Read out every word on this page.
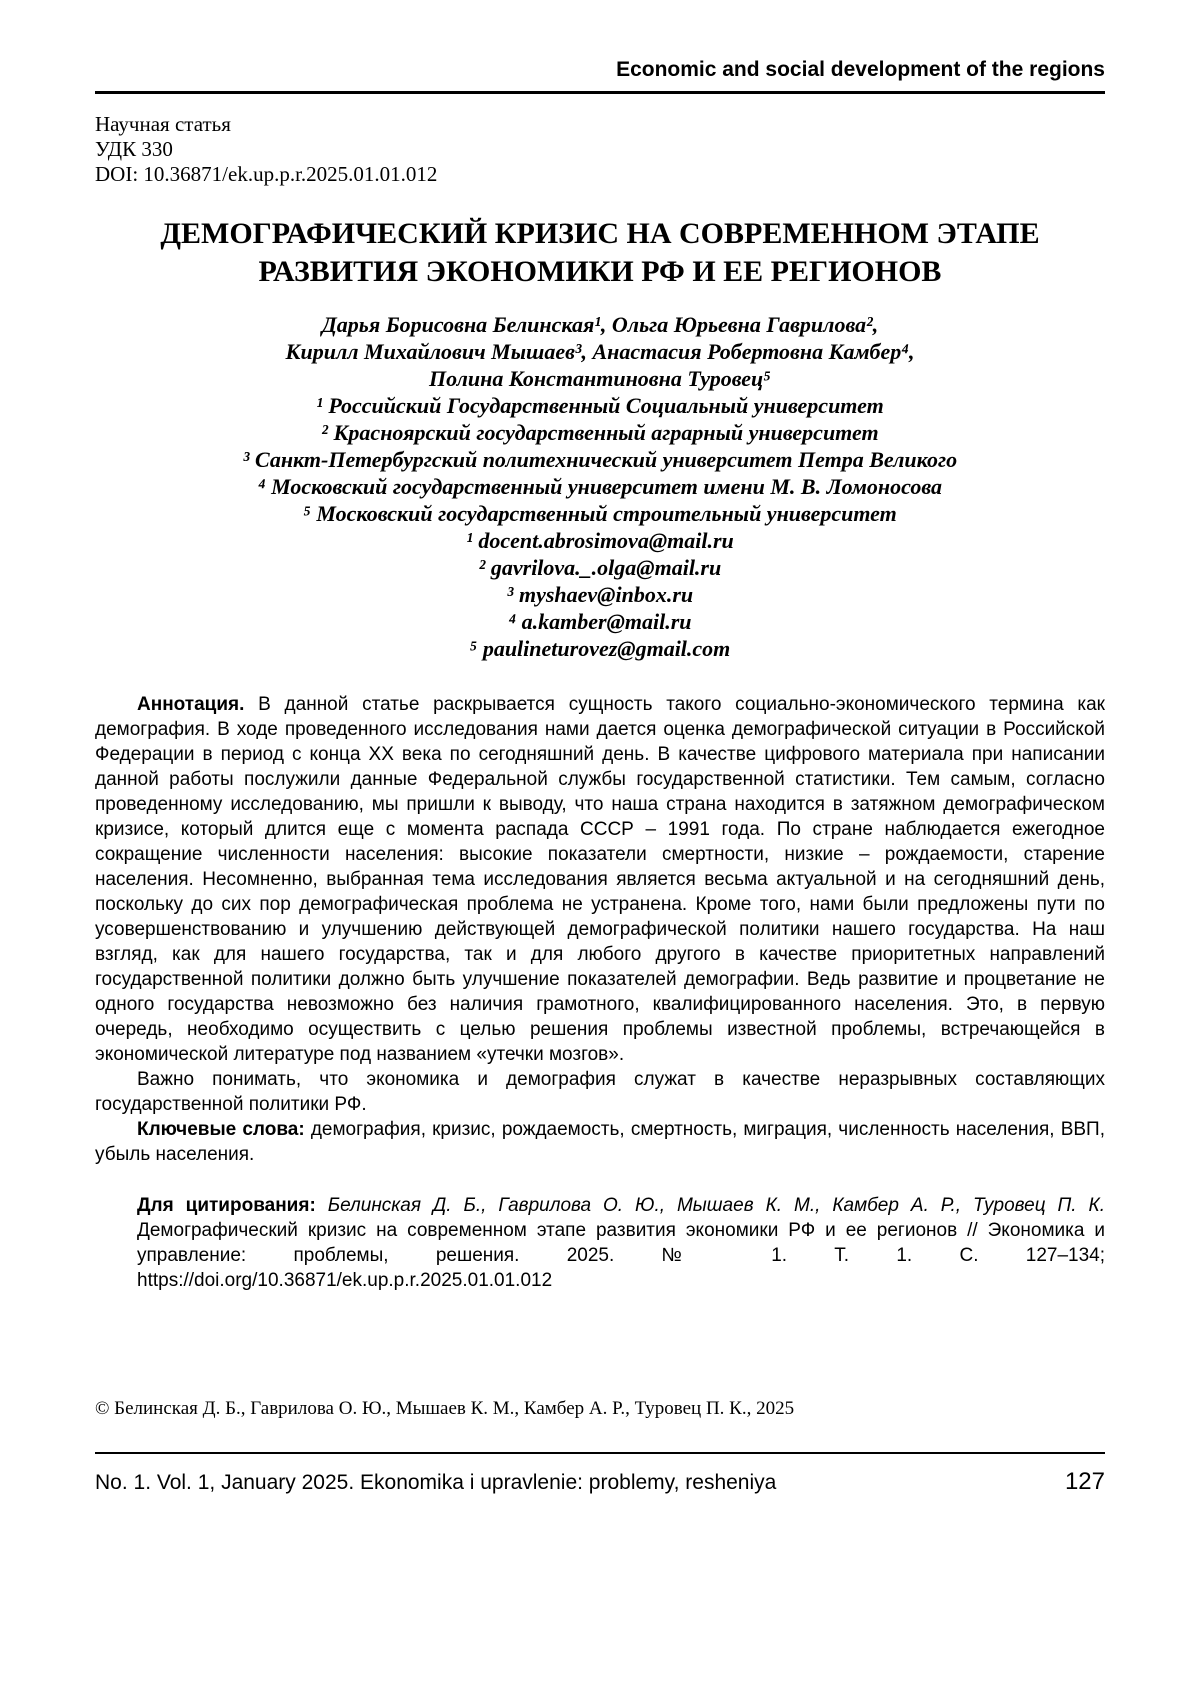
Economic and social development of the regions
Научная статья
УДК 330
DOI: 10.36871/ek.up.p.r.2025.01.01.012
ДЕМОГРАФИЧЕСКИЙ КРИЗИС НА СОВРЕМЕННОМ ЭТАПЕ РАЗВИТИЯ ЭКОНОМИКИ РФ И ЕЕ РЕГИОНОВ
Дарья Борисовна Белинская¹, Ольга Юрьевна Гаврилова²,
Кирилл Михайлович Мышаев³, Анастасия Робертовна Камбер⁴,
Полина Константиновна Туровец⁵
¹ Российский Государственный Социальный университет
² Красноярский государственный аграрный университет
³ Санкт-Петербургский политехнический университет Петра Великого
⁴ Московский государственный университет имени М. В. Ломоносова
⁵ Московский государственный строительный университет
¹ docent.abrosimova@mail.ru
² gavrilova._.olga@mail.ru
³ myshaev@inbox.ru
⁴ a.kamber@mail.ru
⁵ paulineturovez@gmail.com

Аннотация. В данной статье раскрывается сущность такого социально-экономического термина как демография. В ходе проведенного исследования нами дается оценка демографической ситуации в Российской Федерации в период с конца XX века по сегодняшний день. В качестве цифрового материала при написании данной работы послужили данные Федеральной службы государственной статистики. Тем самым, согласно проведенному исследованию, мы пришли к выводу, что наша страна находится в затяжном демографическом кризисе, который длится еще с момента распада СССР – 1991 года. По стране наблюдается ежегодное сокращение численности населения: высокие показатели смертности, низкие – рождаемости, старение населения. Несомненно, выбранная тема исследования является весьма актуальной и на сегодняшний день, поскольку до сих пор демографическая проблема не устранена. Кроме того, нами были предложены пути по усовершенствованию и улучшению действующей демографической политики нашего государства. На наш взгляд, как для нашего государства, так и для любого другого в качестве приоритетных направлений государственной политики должно быть улучшение показателей демографии. Ведь развитие и процветание не одного государства невозможно без наличия грамотного, квалифицированного населения. Это, в первую очередь, необходимо осуществить с целью решения проблемы известной проблемы, встречающейся в экономической литературе под названием «утечки мозгов».

Важно понимать, что экономика и демография служат в качестве неразрывных составляющих государственной политики РФ.

Ключевые слова: демография, кризис, рождаемость, смертность, миграция, численность населения, ВВП, убыль населения.

Для цитирования: Белинская Д. Б., Гаврилова О. Ю., Мышаев К. М., Камбер А. Р., Туровец П. К. Демографический кризис на современном этапе развития экономики РФ и ее регионов // Экономика и управление: проблемы, решения. 2025. № 1. Т. 1. С. 127–134; https://doi.org/10.36871/ek.up.p.r.2025.01.01.012
© Белинская Д. Б., Гаврилова О. Ю., Мышаев К. М., Камбер А. Р., Туровец П. К., 2025
No. 1. Vol. 1, January 2025. Ekonomika i upravlenie: problemy, resheniya	127
